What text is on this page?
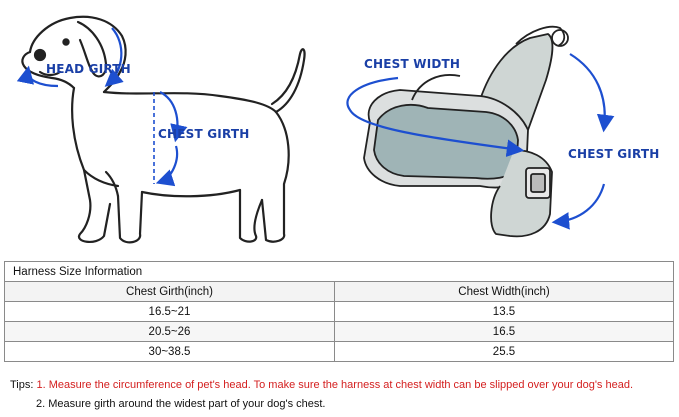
HEAD GIRTH
CHEST GIRTH
CHEST WIDTH
CHEST GIRTH
Harness Size Information	
Chest Girth(inch)	Chest Width(inch)
16.5~21	13.5
20.5~26	16.5
30~38.5	25.5
Tips: 1. Measure the circumference of pet's head. To make sure the harness at chest width can be slipped over your dog's head.
2. Measure girth around the widest part of your dog's chest.
